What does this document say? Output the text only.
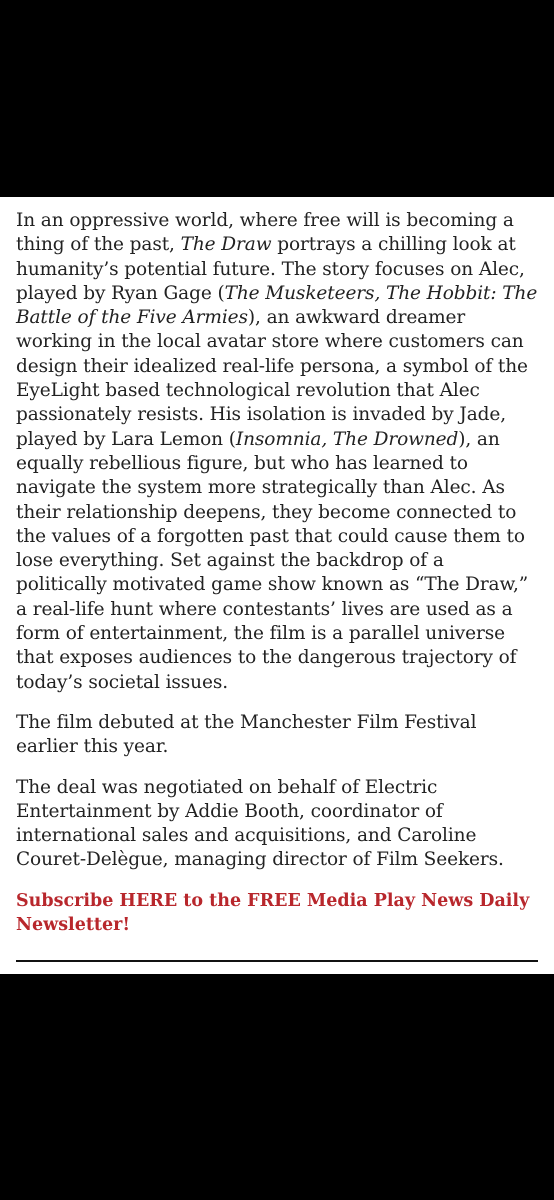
In an oppressive world, where free will is becoming a thing of the past, The Draw portrays a chilling look at humanity’s potential future. The story focuses on Alec, played by Ryan Gage (The Musketeers, The Hobbit: The Battle of the Five Armies), an awkward dreamer working in the local avatar store where customers can design their idealized real-life persona, a symbol of the EyeLight based technological revolution that Alec passionately resists. His isolation is invaded by Jade, played by Lara Lemon (Insomnia, The Drowned), an equally rebellious figure, but who has learned to navigate the system more strategically than Alec. As their relationship deepens, they become connected to the values of a forgotten past that could cause them to lose everything. Set against the backdrop of a politically motivated game show known as “The Draw,” a real-life hunt where contestants’ lives are used as a form of entertainment, the film is a parallel universe that exposes audiences to the dangerous trajectory of today’s societal issues.

The film debuted at the Manchester Film Festival earlier this year.

The deal was negotiated on behalf of Electric Entertainment by Addie Booth, coordinator of international sales and acquisitions, and Caroline Couret-Delègue, managing director of Film Seekers.

Subscribe HERE to the FREE Media Play News Daily Newsletter!
